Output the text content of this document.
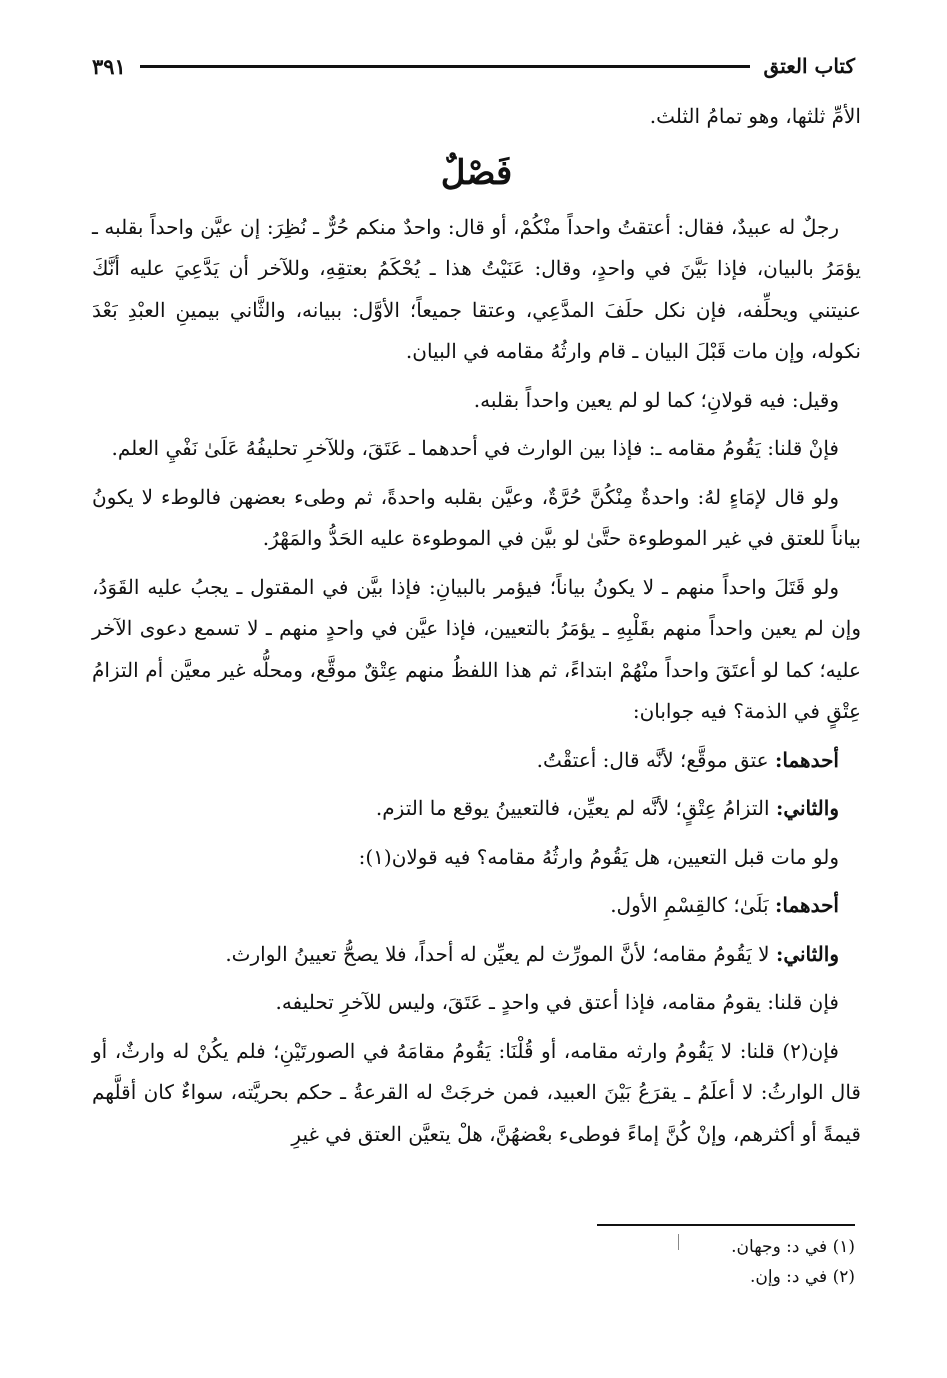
كتاب العتق
٣٩١

الأمِّ ثلثها، وهو تمامُ الثلث.

فَصْلٌ

رجلٌ له عبيدٌ، فقال: أعتقتُ واحداً منْكُمْ، أو قال: واحدٌ منكم حُرٌّ ـ نُظِرَ: إن عيَّن واحداً بقلبه ـ يؤمَرُ بالبيان، فإذا بَيَّنَ في واحدٍ، وقال: عَنَيْتُ هذا ـ يُحْكَمُ بعتقِهِ، وللآخر أن يَدَّعِيَ عليه أنَّكَ عنيتني ويحلِّفه، فإن نكل حلَفَ المدَّعِي، وعتقا جميعاً؛ الأوَّل: ببيانه، والثَّاني بيمينِ العبْدِ بَعْدَ نكوله، وإن مات قَبْلَ البيان ـ قام وارثُهُ مقامه في البيان.

وقيل: فيه قولانِ؛ كما لو لم يعين واحداً بقلبه.

فإنْ قلنا: يَقُومُ مقامه ـ: فإذا بين الوارث في أحدهما ـ عَتَقَ، وللآخرِ تحليفُهُ عَلَىٰ نَفْيِ العلم.

ولو قال لإمَاءٍ لهُ: واحدةٌ مِنْكُنَّ حُرَّةٌ، وعيَّن بقلبه واحدةً، ثم وطىء بعضهن فالوطء لا يكونُ بياناً للعتق في غير الموطوءة حتَّىٰ لو بيَّن في الموطوءة عليه الحَدُّ والمَهْرُ.

ولو قَتَلَ واحداً منهم ـ لا يكونُ بياناً؛ فيؤمر بالبيانِ: فإذا بيَّن في المقتول ـ يجبُ عليه القَوَدُ، وإن لم يعين واحداً منهم بقَلْبِهِ ـ يؤمَرُ بالتعيين، فإذا عيَّن في واحدٍ منهم ـ لا تسمع دعوى الآخر عليه؛ كما لو أعتَقَ واحداً منْهُمْ ابتداءً، ثم هذا اللفظُ منهم عِتْقٌ موقَّع، ومحلُّه غير معيَّن أم التزامُ عِتْقٍ في الذمة؟ فيه جوابان:

أحدهما: عتق موقَّع؛ لأنَّه قال: أعتقْتُ.

والثاني: التزامُ عِتْقٍ؛ لأنَّه لم يعيِّن، فالتعيينُ يوقع ما التزم.

ولو مات قبل التعيين، هل يَقُومُ وارثُهُ مقامه؟ فيه قولان(١):

أحدهما: بَلَىٰ؛ كالقِسْمِ الأول.

والثاني: لا يَقُومُ مقامه؛ لأنَّ المورِّث لم يعيِّن له أحداً، فلا يصحُّ تعيينُ الوارث.

فإن قلنا: يقومُ مقامه، فإذا أعتق في واحدٍ ـ عَتَقَ، وليس للآخرِ تحليفه.

فإن(٢) قلنا: لا يَقُومُ وارثه مقامه، أو قُلْنَا: يَقُومُ مقامَهُ في الصورتَيْنِ؛ فلم يكُنْ له وارثٌ، أو قال الوارثُ: لا أعلَمُ ـ يقرَعُ بَيْنَ العبيد، فمن خرجَتْ له القرعةُ ـ حكم بحريَّته، سواءٌ كان أقلَّهم قيمةً أو أكثرهم، وإنْ كُنَّ إماءً فوطىء بعْضهُنَّ، هلْ يتعيَّن العتق في غيرِ

(١) في د: وجهان.

(٢) في د: وإن.
